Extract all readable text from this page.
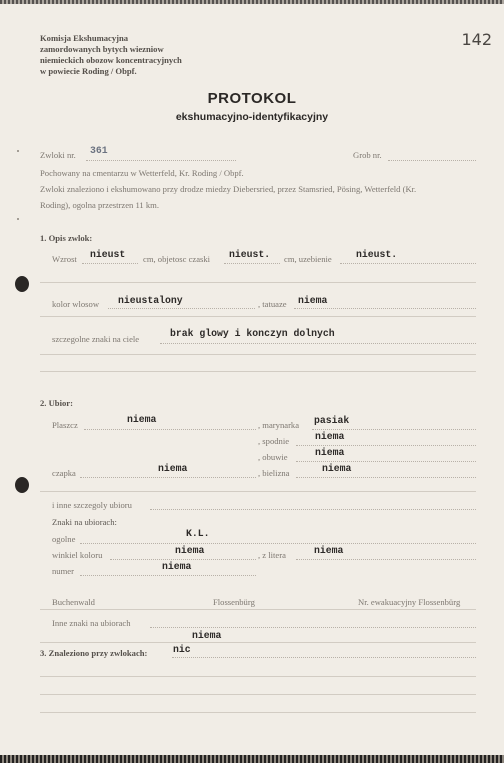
Komisja Ekshumacyjna
zamordowanych bytych wiezniow
niemieckich obozow koncentracyjnych
w powiecie Roding / Obpf.
142
PROTOKOL
ekshumacyjno-identyfikacyjny
Zwloki nr. 361	Grob nr.
Pochowany na cmentarzu w Wetterfeld, Kr. Roding / Obpf.
Zwloki znaleziono i ekshumowano przy drodze miedzy Diebersried, przez Stamsried, Pösing, Wetterfeld (Kr.
Roding), ogolna przestrzen 11 km.
1. Opis zwlok:
Wzrost nieust cm, objetosc czaski nieust. cm, uzebienie nieust.
kolor wlosow nieustalony	, tatuaze niema
szczegolne znaki na ciele	brak glowy i konczyn dolnych
2. Ubior:
Plaszcz	niema	, marynarka pasiak
, spodnie	niema
, obuwie	niema
czapka	niema	, bielizna	niema
i inne szczegoly ubioru
Znaki na ubiorach:
ogolne	K.L.
winkiel koloru	niema	, z litera	niema
numer	niema
Buchenwald	Flossenbürg	Nr. ewakuacyjny Flossenbürg
Inne znaki na ubiorach
niema
3. Znaleziono przy zwlokach:	nic
